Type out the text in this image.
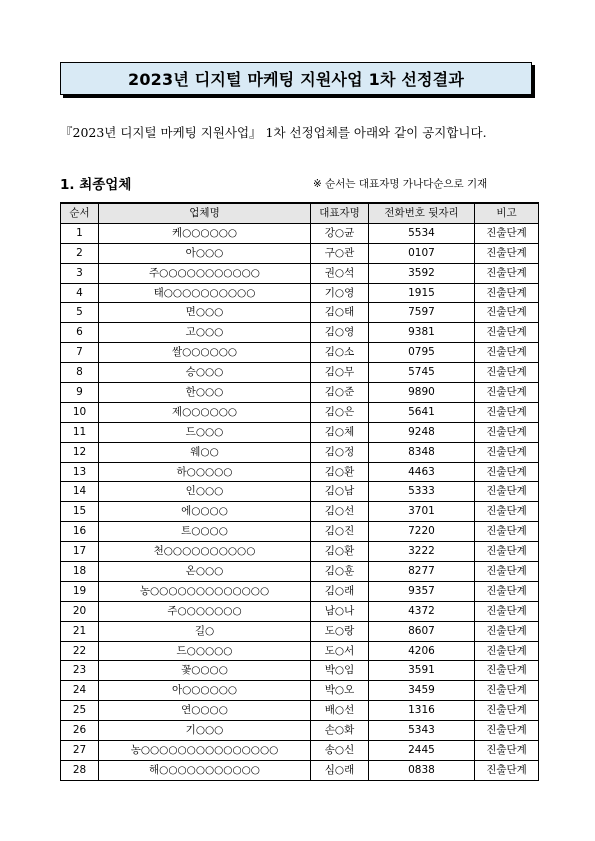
2023년 디지털 마케팅 지원사업 1차 선정결과
『2023년 디지털 마케팅 지원사업』 1차 선정업체를 아래와 같이 공지합니다.
1. 최종업체	※ 순서는 대표자명 가나다순으로 기재
순서	업체명	대표자명	전화번호 뒷자리	비고
1	케○○○○○○	강○균	5534	진출단계
2	아○○○	구○관	0107	진출단계
3	주○○○○○○○○○○○	권○석	3592	진출단계
4	태○○○○○○○○○○	기○영	1915	진출단계
5	면○○○	김○태	7597	진출단계
6	고○○○	김○영	9381	진출단계
7	쌀○○○○○○	김○소	0795	진출단계
8	승○○○	김○무	5745	진출단계
9	한○○○	김○준	9890	진출단계
10	제○○○○○○	김○은	5641	진출단계
11	드○○○	김○체	9248	진출단계
12	웨○○	김○정	8348	진출단계
13	하○○○○○	김○환	4463	진출단계
14	인○○○	김○남	5333	진출단계
15	에○○○○	김○선	3701	진출단계
16	트○○○○	김○진	7220	진출단계
17	천○○○○○○○○○○	김○환	3222	진출단계
18	온○○○	김○훈	8277	진출단계
19	농○○○○○○○○○○○○○	김○래	9357	진출단계
20	주○○○○○○○	남○나	4372	진출단계
21	길○	도○랑	8607	진출단계
22	드○○○○○	도○서	4206	진출단계
23	꽃○○○○	박○임	3591	진출단계
24	아○○○○○○	박○오	3459	진출단계
25	연○○○○	배○선	1316	진출단계
26	기○○○	손○화	5343	진출단계
27	농○○○○○○○○○○○○○○○	송○신	2445	진출단계
28	해○○○○○○○○○○○	심○래	0838	진출단계
